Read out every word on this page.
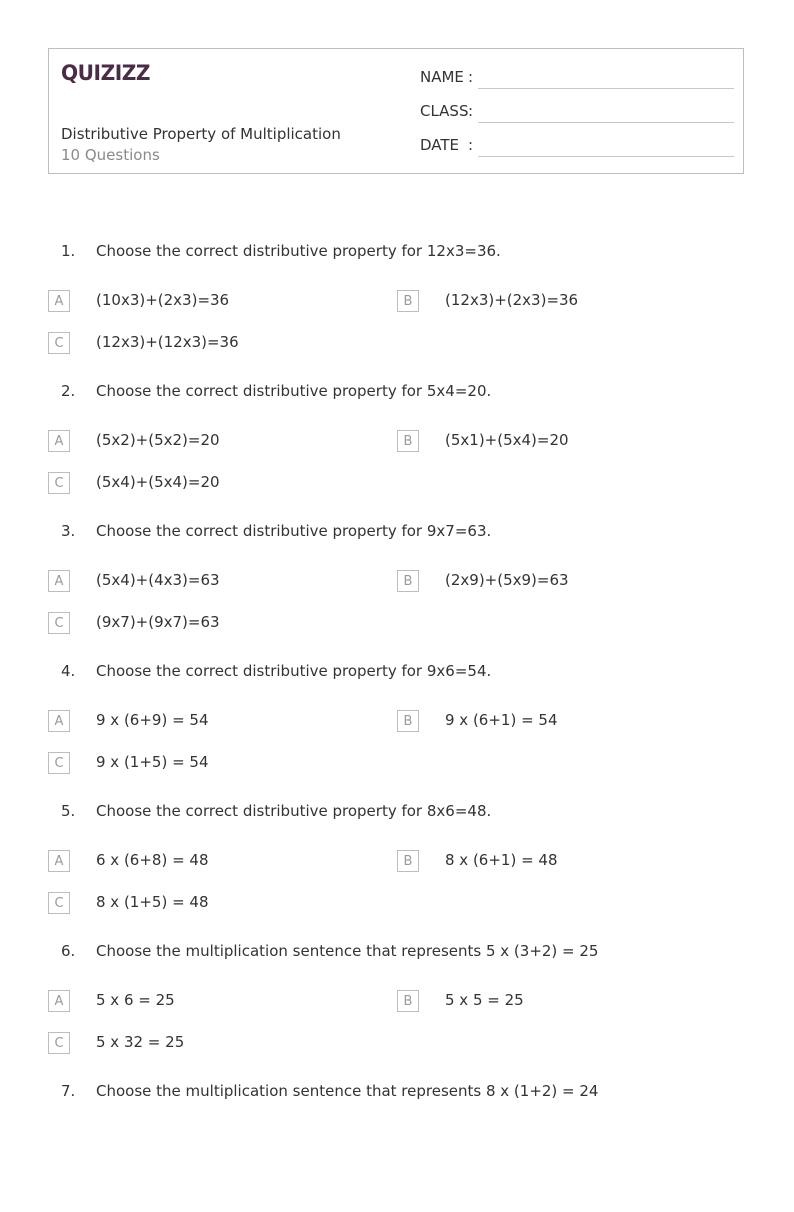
QUIZIZZ
Distributive Property of Multiplication
10 Questions
NAME :
CLASS :
DATE :
1. Choose the correct distributive property for 12x3=36.
A	(10x3)+(2x3)=36	B	(12x3)+(2x3)=36
C	(12x3)+(12x3)=36
2. Choose the correct distributive property for 5x4=20.
A	(5x2)+(5x2)=20	B	(5x1)+(5x4)=20
C	(5x4)+(5x4)=20
3. Choose the correct distributive property for 9x7=63.
A	(5x4)+(4x3)=63	B	(2x9)+(5x9)=63
C	(9x7)+(9x7)=63
4. Choose the correct distributive property for 9x6=54.
A	9 x (6+9) = 54	B	9 x (6+1) = 54
C	9 x (1+5) = 54
5. Choose the correct distributive property for 8x6=48.
A	6 x (6+8) = 48	B	8 x (6+1) = 48
C	8 x (1+5) = 48
6. Choose the multiplication sentence that represents 5 x (3+2) = 25
A	5 x 6 = 25	B	5 x 5 = 25
C	5 x 32 = 25
7. Choose the multiplication sentence that represents 8 x (1+2) = 24
